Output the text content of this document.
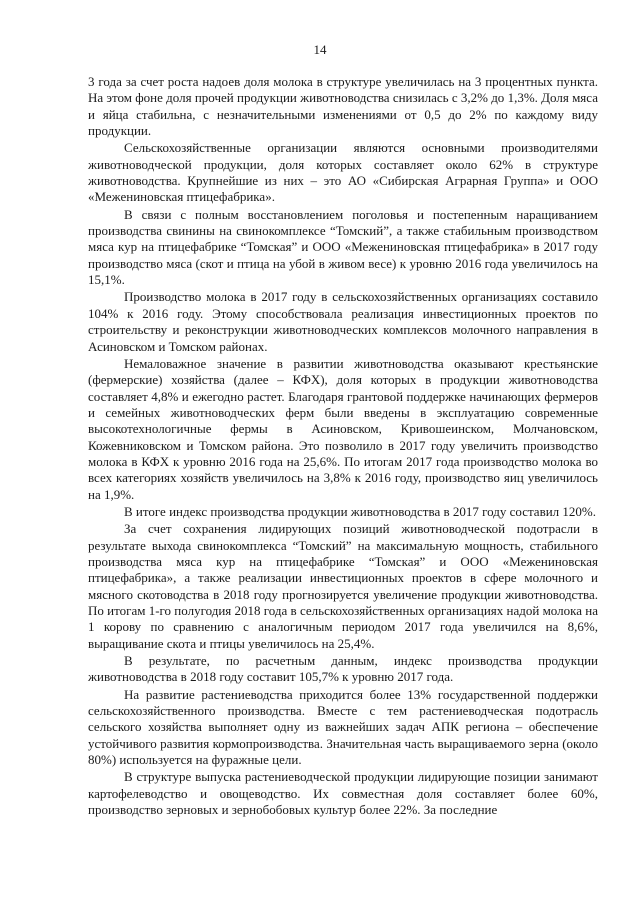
14

3 года за счет роста надоев доля молока в структуре увеличилась на 3 процентных пункта. На этом фоне доля прочей продукции животноводства снизилась с 3,2% до 1,3%. Доля мяса и яйца стабильна, с незначительными изменениями от 0,5 до 2% по каждому виду продукции.

Сельскохозяйственные организации являются основными производителями животноводческой продукции, доля которых составляет около 62% в структуре животноводства. Крупнейшие из них – это АО «Сибирская Аграрная Группа» и ООО «Межениновская птицефабрика».

В связи с полным восстановлением поголовья и постепенным наращиванием производства свинины на свинокомплексе “Томский”, а также стабильным производством мяса кур на птицефабрике “Томская” и ООО «Межениновская птицефабрика» в 2017 году производство мяса (скот и птица на убой в живом весе) к уровню 2016 года увеличилось на 15,1%.

Производство молока в 2017 году в сельскохозяйственных организациях составило 104% к 2016 году. Этому способствовала реализация инвестиционных проектов по строительству и реконструкции животноводческих комплексов молочного направления в Асиновском и Томском районах.

Немаловажное значение в развитии животноводства оказывают крестьянские (фермерские) хозяйства (далее – КФХ), доля которых в продукции животноводства составляет 4,8% и ежегодно растет. Благодаря грантовой поддержке начинающих фермеров и семейных животноводческих ферм были введены в эксплуатацию современные высокотехнологичные фермы в Асиновском, Кривошеинском, Молчановском, Кожевниковском и Томском района. Это позволило в 2017 году увеличить производство молока в КФХ к уровню 2016 года на 25,6%. По итогам 2017 года производство молока во всех категориях хозяйств увеличилось на 3,8% к 2016 году, производство яиц увеличилось на 1,9%.

В итоге индекс производства продукции животноводства в 2017 году составил 120%.

За счет сохранения лидирующих позиций животноводческой подотрасли в результате выхода свинокомплекса “Томский” на максимальную мощность, стабильного производства мяса кур на птицефабрике “Томская” и ООО «Межениновская птицефабрика», а также реализации инвестиционных проектов в сфере молочного и мясного скотоводства в 2018 году прогнозируется увеличение продукции животноводства. По итогам 1-го полугодия 2018 года в сельскохозяйственных организациях надой молока на 1 корову по сравнению с аналогичным периодом 2017 года увеличился на 8,6%, выращивание скота и птицы увеличилось на 25,4%.

В результате, по расчетным данным, индекс производства продукции животноводства в 2018 году составит 105,7% к уровню 2017 года.

На развитие растениеводства приходится более 13% государственной поддержки сельскохозяйственного производства. Вместе с тем растениеводческая подотрасль сельского хозяйства выполняет одну из важнейших задач АПК региона – обеспечение устойчивого развития кормопроизводства. Значительная часть выращиваемого зерна (около 80%) используется на фуражные цели.

В структуре выпуска растениеводческой продукции лидирующие позиции занимают картофелеводство и овощеводство. Их совместная доля составляет более 60%, производство зерновых и зернобобовых культур более 22%. За последние
